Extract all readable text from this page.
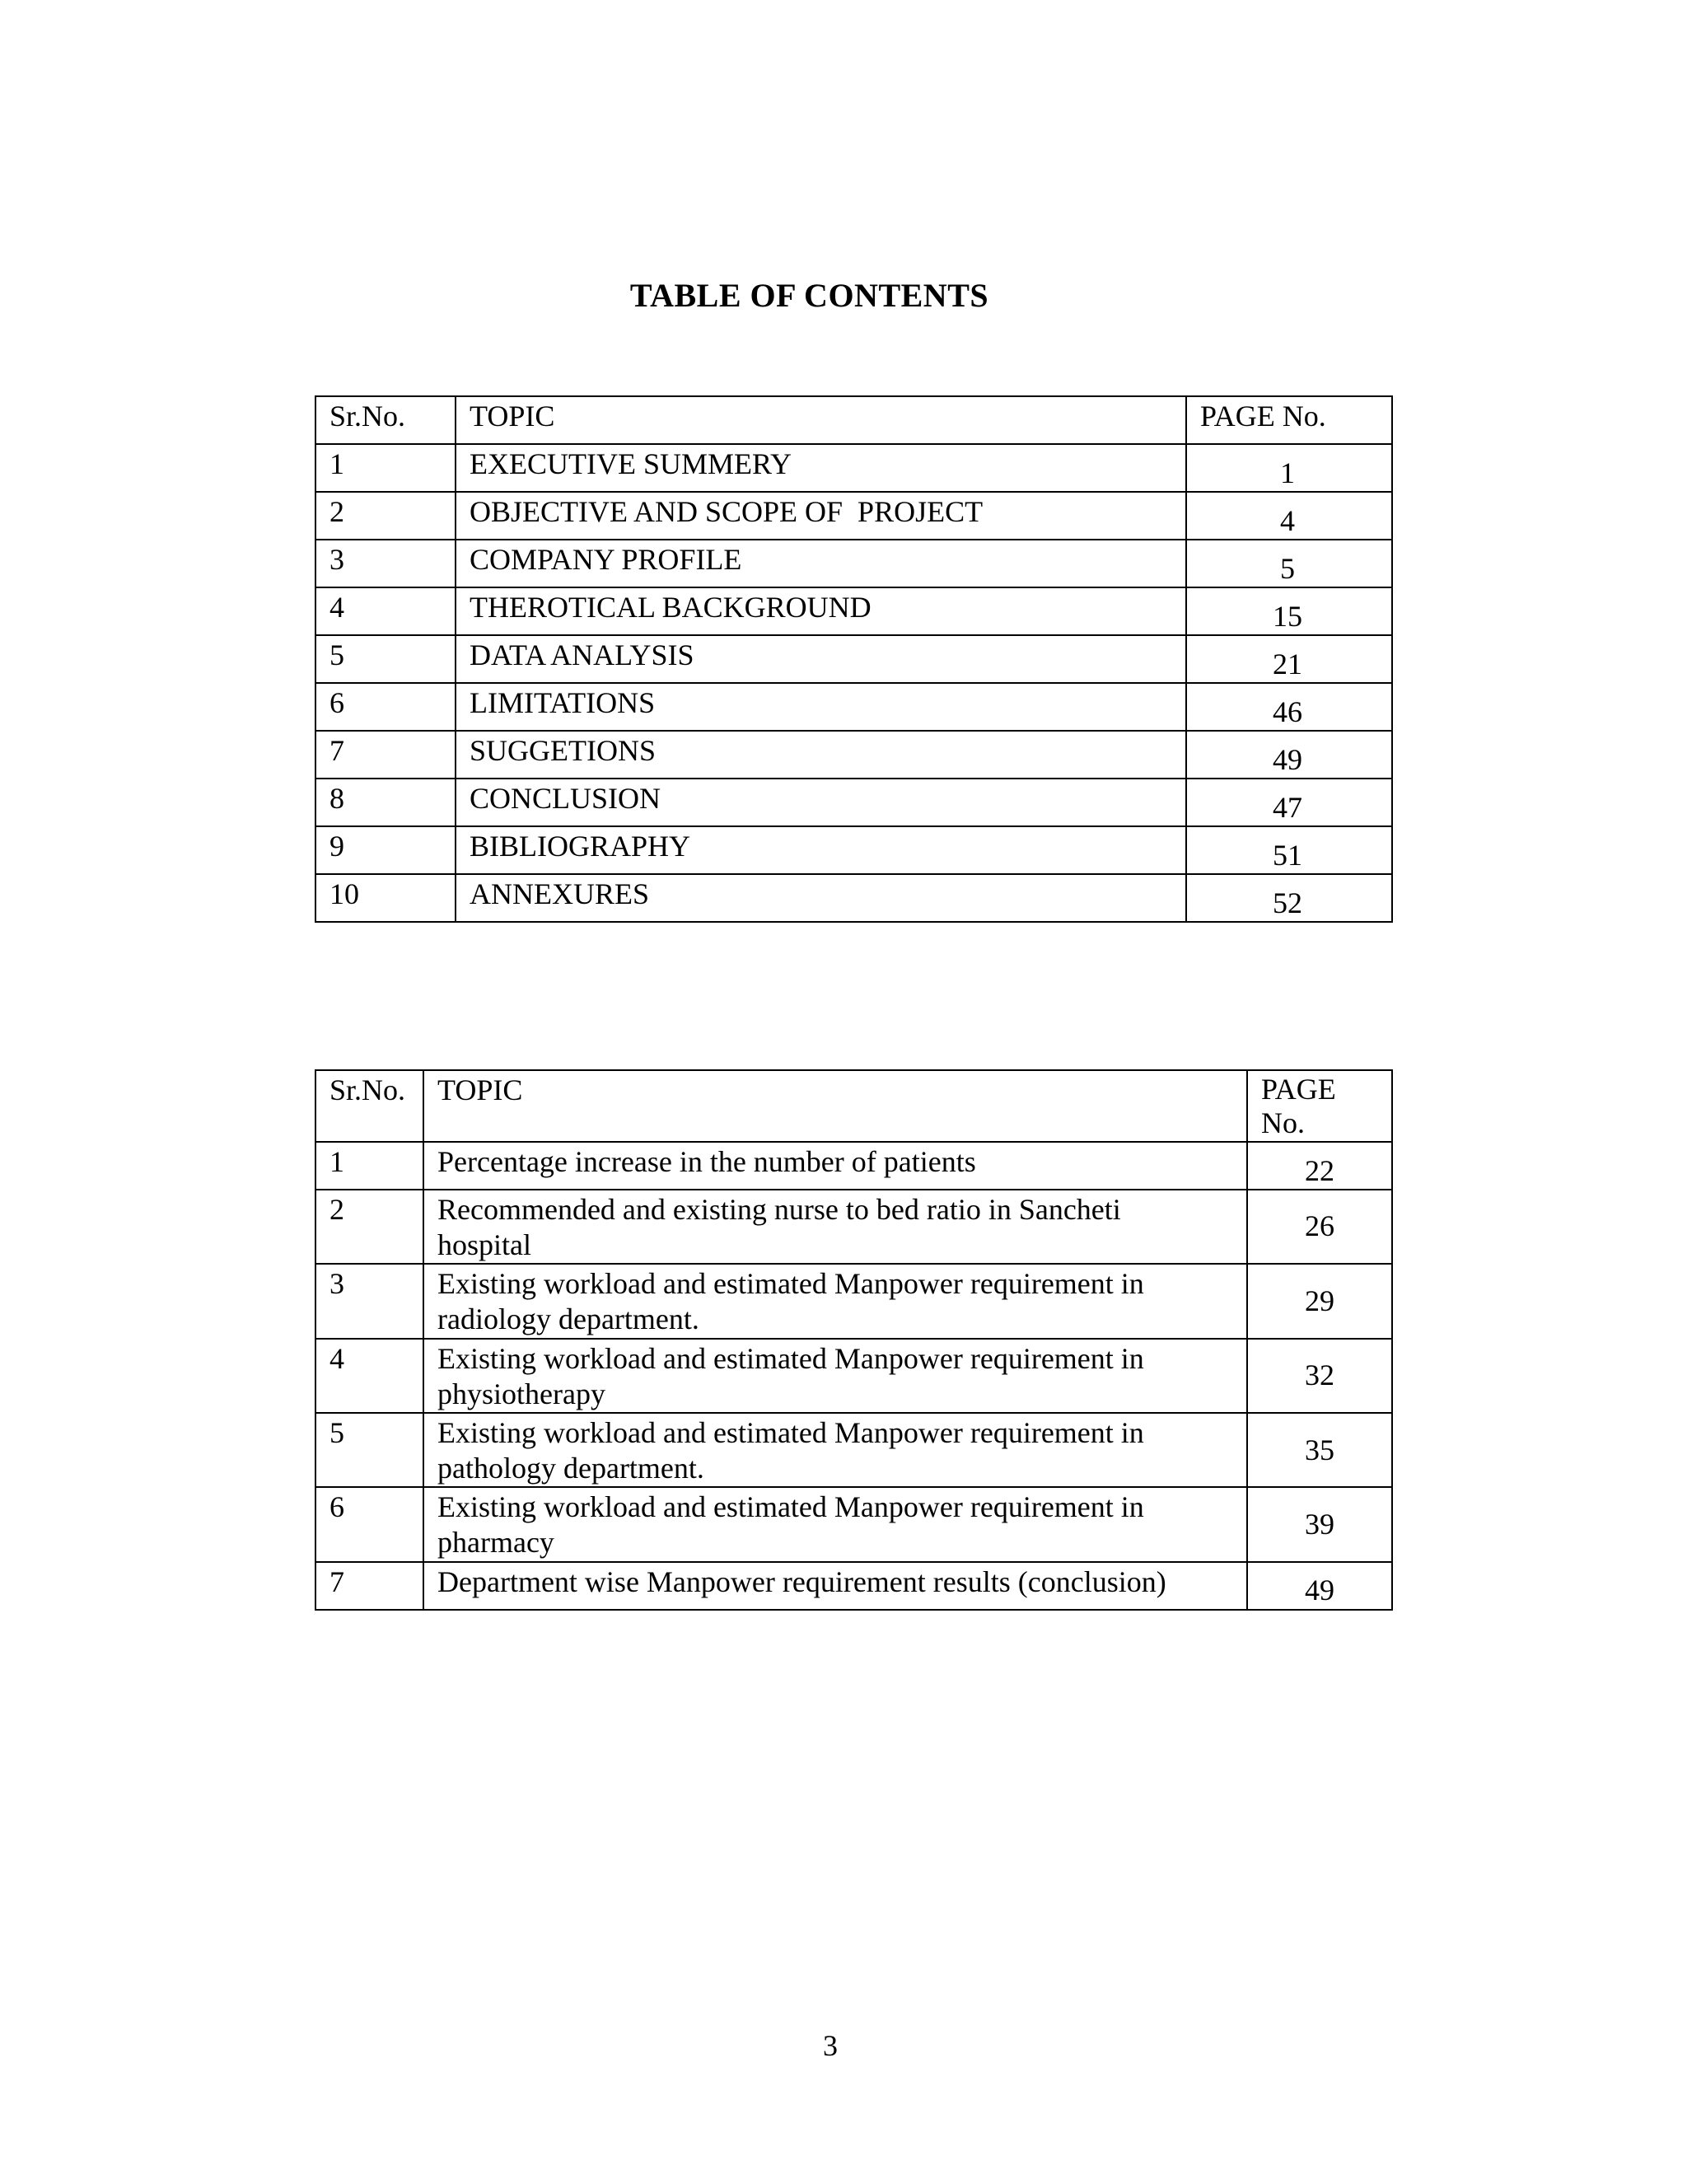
TABLE OF CONTENTS
Sr.No.	TOPIC	PAGE No.
1	EXECUTIVE SUMMERY	1
2	OBJECTIVE AND SCOPE OF  PROJECT	4
3	COMPANY PROFILE	5
4	THEROTICAL BACKGROUND	15
5	DATA ANALYSIS	21
6	LIMITATIONS	46
7	SUGGETIONS	49
8	CONCLUSION	47
9	BIBLIOGRAPHY	51
10	ANNEXURES	52
Sr.No.	TOPIC	PAGE
No.

1	Percentage increase in the number of patients	22
2	Recommended and existing nurse to bed ratio in Sancheti
hospital	26
3	Existing workload and estimated Manpower requirement in
radiology department.	29
4	Existing workload and estimated Manpower requirement in
physiotherapy	32
5	Existing workload and estimated Manpower requirement in
pathology department.	35
6	Existing workload and estimated Manpower requirement in
pharmacy	39
7	Department wise Manpower requirement results (conclusion)	49
3
